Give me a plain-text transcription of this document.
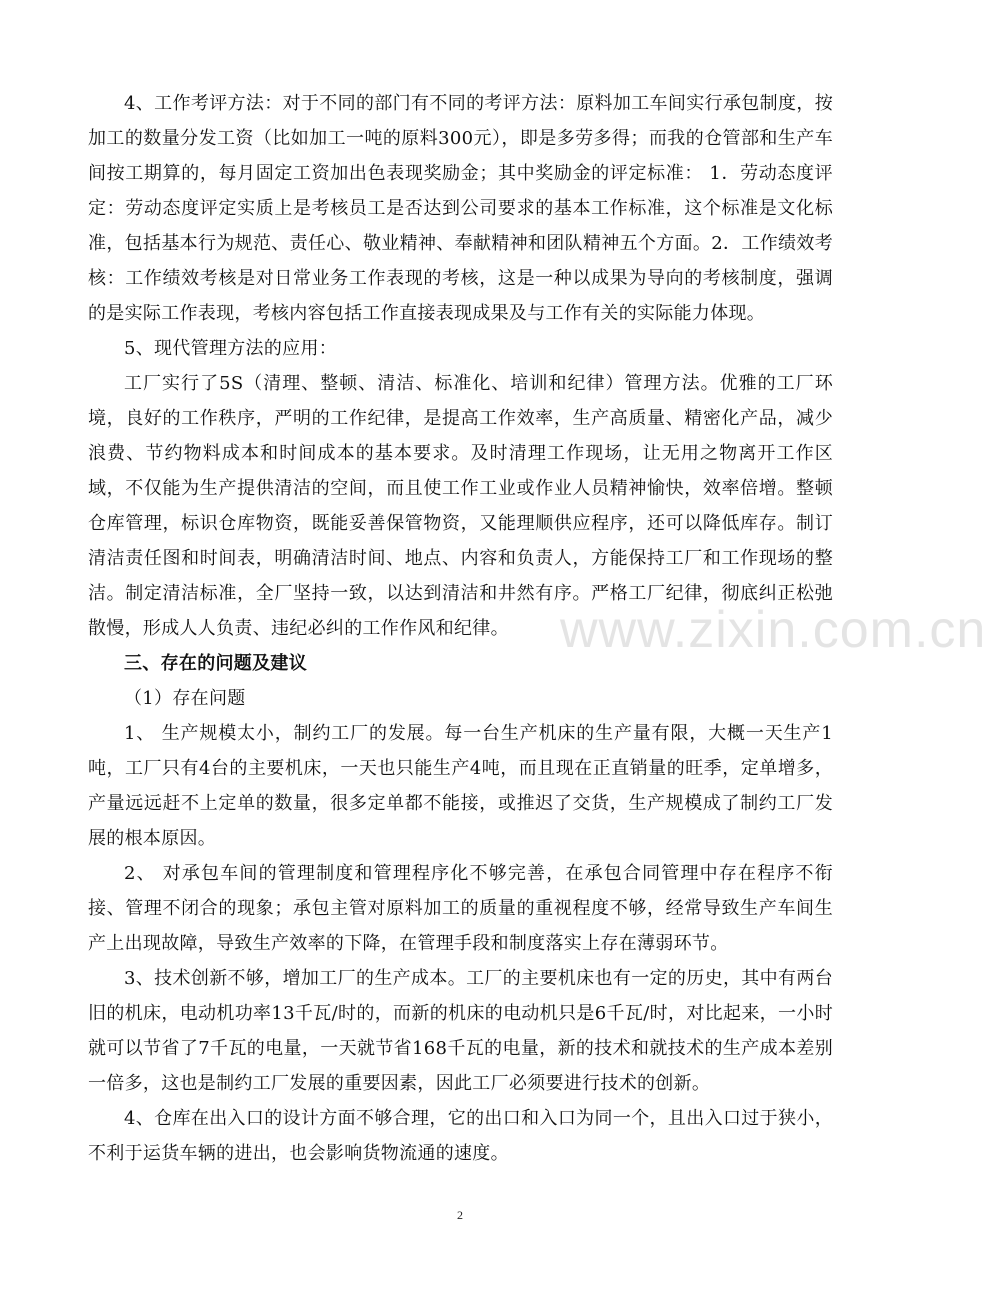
www.zixin.com.cn

4、工作考评方法：对于不同的部门有不同的考评方法：原料加工车间实行承包制度，按加工的数量分发工资（比如加工一吨的原料300元），即是多劳多得；而我的仓管部和生产车间按工期算的，每月固定工资加出色表现奖励金；其中奖励金的评定标准： 1．劳动态度评定：劳动态度评定实质上是考核员工是否达到公司要求的基本工作标准，这个标准是文化标准，包括基本行为规范、责任心、敬业精神、奉献精神和团队精神五个方面。2．工作绩效考核：工作绩效考核是对日常业务工作表现的考核，这是一种以成果为导向的考核制度，强调的是实际工作表现，考核内容包括工作直接表现成果及与工作有关的实际能力体现。

5、现代管理方法的应用：

工厂实行了5S（清理、整顿、清洁、标准化、培训和纪律）管理方法。优雅的工厂环境，良好的工作秩序，严明的工作纪律，是提高工作效率，生产高质量、精密化产品，减少浪费、节约物料成本和时间成本的基本要求。及时清理工作现场，让无用之物离开工作区域，不仅能为生产提供清洁的空间，而且使工作工业或作业人员精神愉快，效率倍增。整顿仓库管理，标识仓库物资，既能妥善保管物资，又能理顺供应程序，还可以降低库存。制订清洁责任图和时间表，明确清洁时间、地点、内容和负责人，方能保持工厂和工作现场的整洁。制定清洁标准，全厂坚持一致，以达到清洁和井然有序。严格工厂纪律，彻底纠正松弛散慢，形成人人负责、违纪必纠的工作作风和纪律。

三、存在的问题及建议

（1）存在问题

1、 生产规模太小，制约工厂的发展。每一台生产机床的生产量有限，大概一天生产1吨，工厂只有4台的主要机床，一天也只能生产4吨，而且现在正直销量的旺季，定单增多，产量远远赶不上定单的数量，很多定单都不能接，或推迟了交货，生产规模成了制约工厂发展的根本原因。

2、 对承包车间的管理制度和管理程序化不够完善，在承包合同管理中存在程序不衔接、管理不闭合的现象；承包主管对原料加工的质量的重视程度不够，经常导致生产车间生产上出现故障，导致生产效率的下降，在管理手段和制度落实上存在薄弱环节。

3、技术创新不够，增加工厂的生产成本。工厂的主要机床也有一定的历史，其中有两台旧的机床，电动机功率13千瓦/时的，而新的机床的电动机只是6千瓦/时，对比起来，一小时就可以节省了7千瓦的电量，一天就节省168千瓦的电量，新的技术和就技术的生产成本差别一倍多，这也是制约工厂发展的重要因素，因此工厂必须要进行技术的创新。

4、仓库在出入口的设计方面不够合理，它的出口和入口为同一个，且出入口过于狭小，不利于运货车辆的进出，也会影响货物流通的速度。

2
